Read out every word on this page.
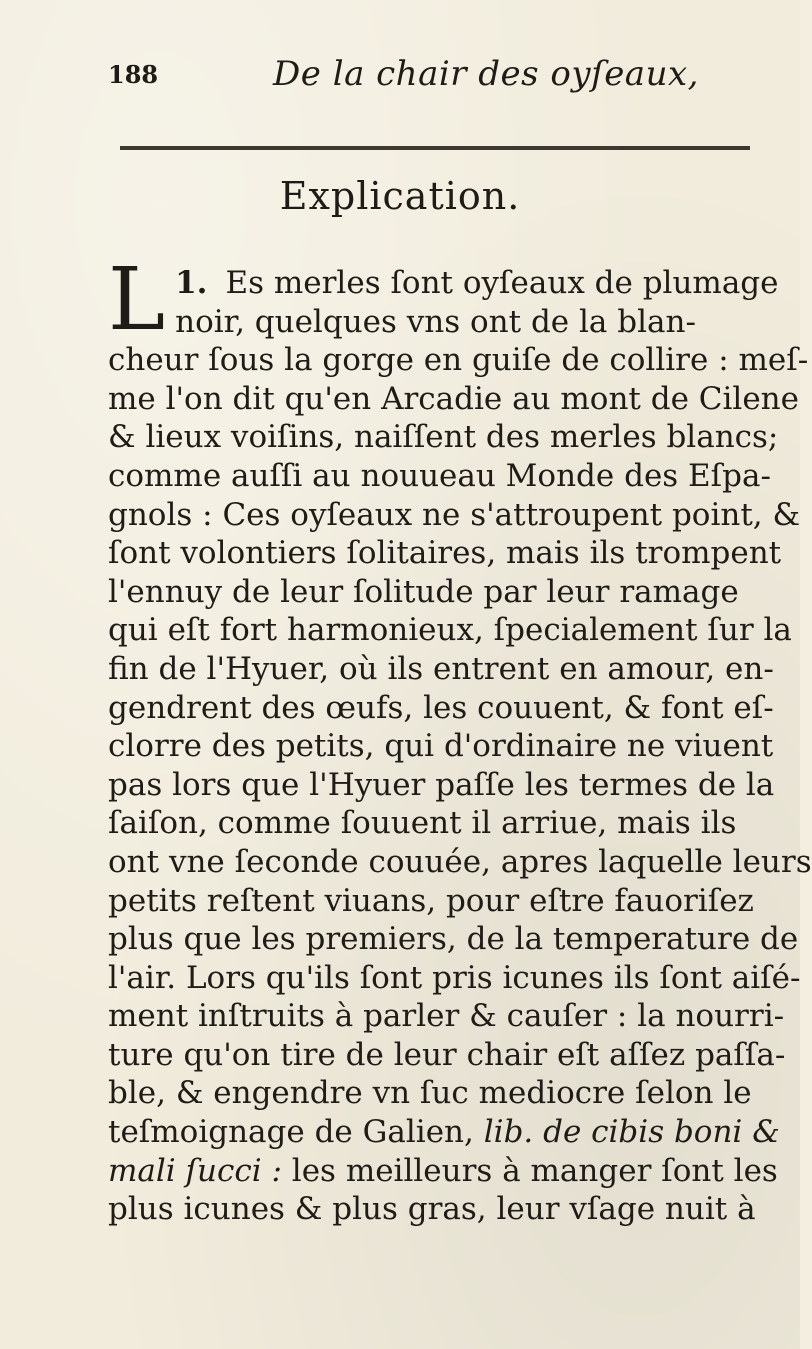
188	De la chair des oyſeaux,
Explication.
1.
L Es merles ſont oyſeaux de plumage
noir, quelques vns ont de la blan-
cheur ſous la gorge en guiſe de collire : meſ-
me l'on dit qu'en Arcadie au mont de Cilene
& lieux voiſins, naiſſent des merles blancs;
comme auſſi au nouueau Monde des Eſpa-
gnols : Ces oyſeaux ne s'attroupent point, &
ſont volontiers ſolitaires, mais ils trompent
l'ennuy de leur ſolitude par leur ramage
qui eſt fort harmonieux, ſpecialement ſur la
fin de l'Hyuer, où ils entrent en amour, en-
gendrent des œufs, les couuent, & font eſ-
clorre des petits, qui d'ordinaire ne viuent
pas lors que l'Hyuer paſſe les termes de la
ſaiſon, comme ſouuent il arriue, mais ils
ont vne ſeconde couuée, apres laquelle leurs
petits reſtent viuans, pour eſtre fauoriſez
plus que les premiers, de la temperature de
l'air. Lors qu'ils ſont pris icunes ils ſont aiſé-
ment inſtruits à parler & cauſer : la nourri-
ture qu'on tire de leur chair eſt aſſez paſſa-
ble, & engendre vn ſuc mediocre ſelon le
teſmoignage de Galien, lib. de cibis boni &
mali ſucci : les meilleurs à manger ſont les
plus icunes & plus gras, leur vſage nuit à
